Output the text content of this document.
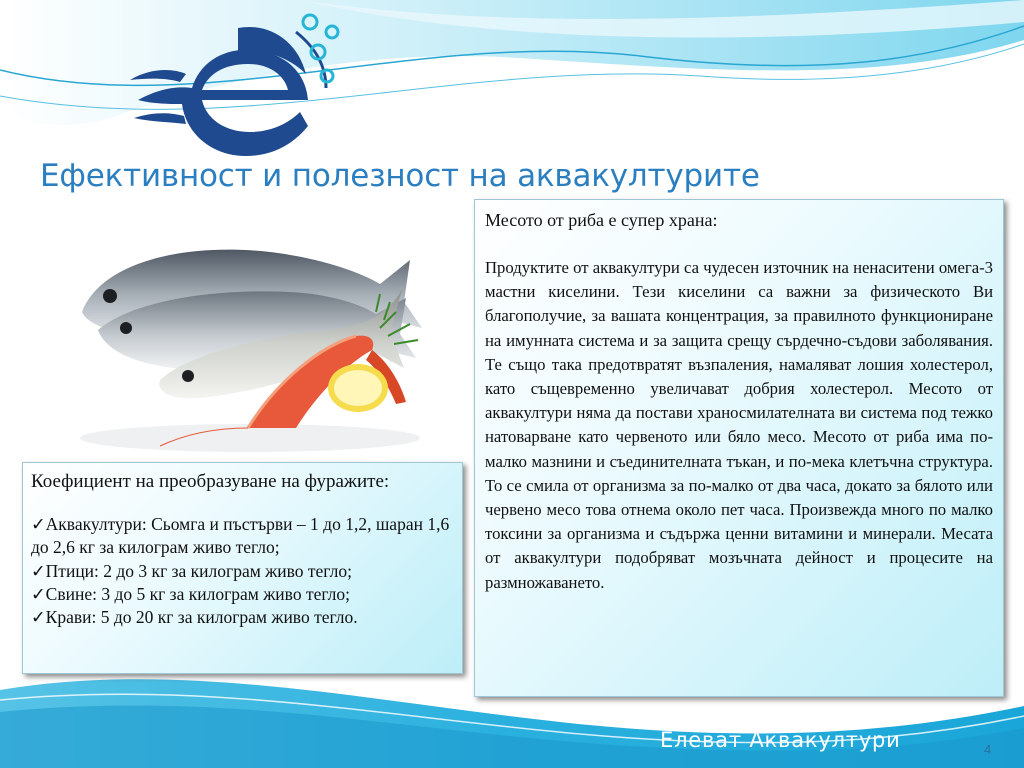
Ефективност и полезност на аквакултурите
Коефициент на преобразуване на фуражите:
✓Аквакултури: Сьомга и пъстърви – 1 до 1,2, шаран 1,6 до 2,6 кг за килограм живо тегло;
✓Птици: 2 до 3 кг за килограм живо тегло;
✓Свине: 3 до 5 кг за килограм живо тегло;
✓Крави: 5 до 20 кг за килограм живо тегло.
Месото от риба е супер храна:
Продуктите от аквакултури са чудесен източник на ненаситени омега-3 мастни киселини. Тези киселини са важни за физическото Ви благополучие, за вашата концентрация, за правилното функциониране на имунната система и за защита срещу сърдечно-съдови заболявания. Те също така предотвратят възпаления, намаляват лошия холестерол, като същевременно увеличават добрия холестерол. Месото от аквакултури няма да постави храносмилателната ви система под тежко натоварване като червеното или бяло месо. Месото от риба има по-малко мазнини и съединителната тъкан, и по-мека клетъчна структура. То се смила от организма за по-малко от два часа, докато за бялото или червено месо това отнема около пет часа. Произвежда много по малко токсини за организма и съдържа ценни витамини и минерали. Месата от аквакултури подобряват мозъчната дейност и процесите на размножаването.
Елеват Аквакултури	4
